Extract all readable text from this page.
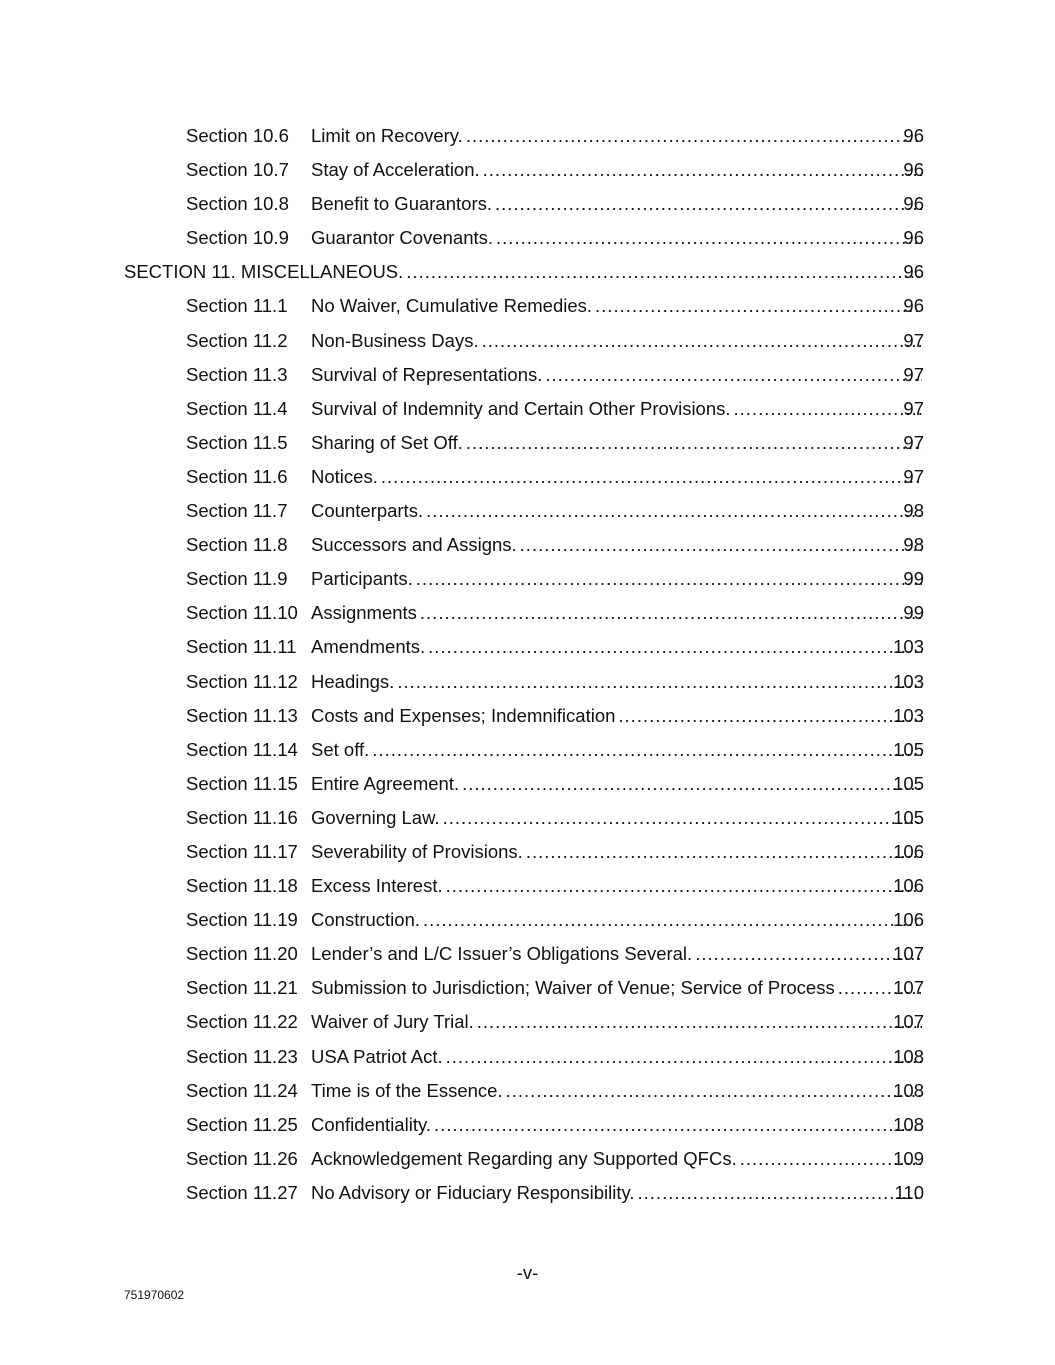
Section 10.6 Limit on Recovery. .....	96
Section 10.7 Stay of Acceleration. .....	96
Section 10.8 Benefit to Guarantors. .....	96
Section 10.9 Guarantor Covenants. .....	96
SECTION 11. MISCELLANEOUS. .....	96
Section 11.1 No Waiver, Cumulative Remedies. .....	96
Section 11.2 Non-Business Days. .....	97
Section 11.3 Survival of Representations. .....	97
Section 11.4 Survival of Indemnity and Certain Other Provisions. .....	97
Section 11.5 Sharing of Set Off. .....	97
Section 11.6 Notices. .....	97
Section 11.7 Counterparts. .....	98
Section 11.8 Successors and Assigns. .....	98
Section 11.9 Participants. .....	99
Section 11.10 Assignments .....	99
Section 11.11 Amendments. .....	103
Section 11.12 Headings. .....	103
Section 11.13 Costs and Expenses; Indemnification .....	103
Section 11.14 Set off. .....	105
Section 11.15 Entire Agreement. .....	105
Section 11.16 Governing Law. .....	105
Section 11.17 Severability of Provisions. .....	106
Section 11.18 Excess Interest. .....	106
Section 11.19 Construction. .....	106
Section 11.20 Lender’s and L/C Issuer’s Obligations Several. .....	107
Section 11.21 Submission to Jurisdiction; Waiver of Venue; Service of Process .....	107
Section 11.22 Waiver of Jury Trial. .....	107
Section 11.23 USA Patriot Act. .....	108
Section 11.24 Time is of the Essence. .....	108
Section 11.25 Confidentiality. .....	108
Section 11.26 Acknowledgement Regarding any Supported QFCs. .....	109
Section 11.27 No Advisory or Fiduciary Responsibility. .....	110
-v-
751970602
